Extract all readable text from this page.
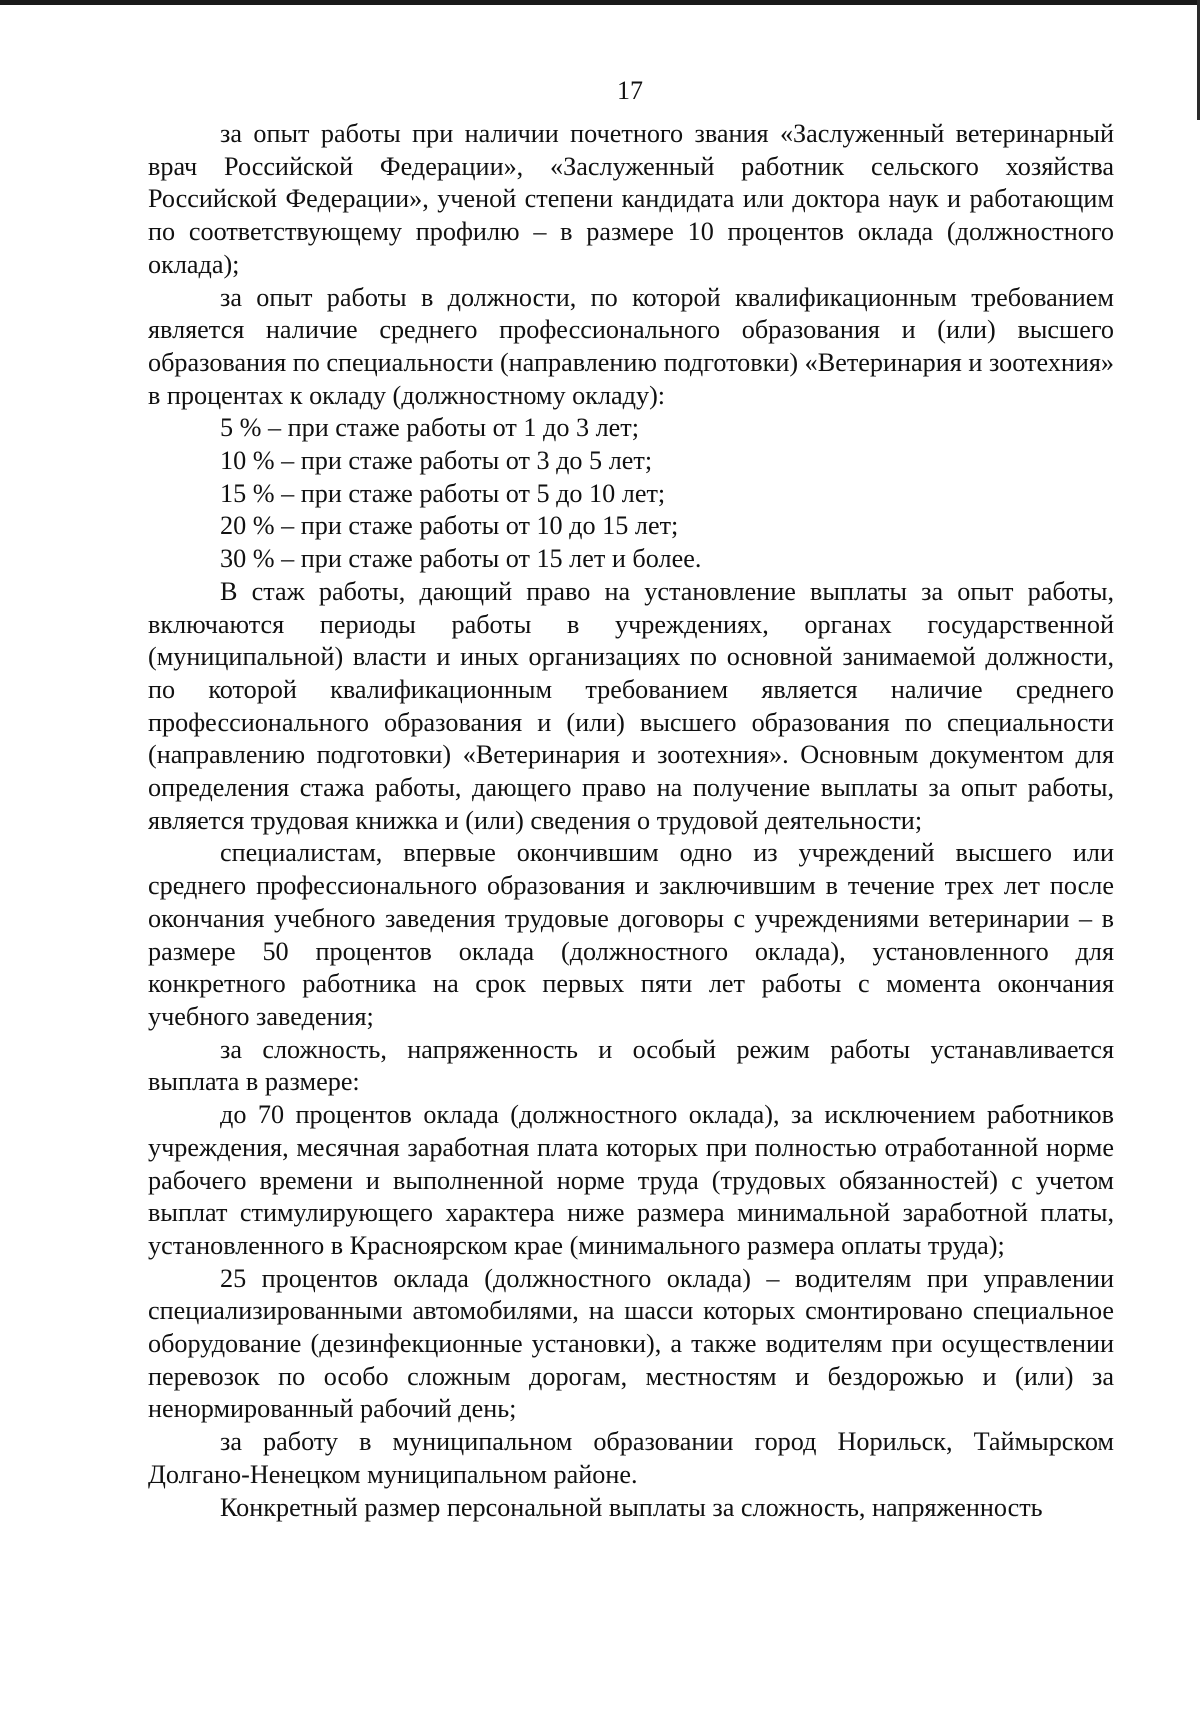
17

за опыт работы при наличии почетного звания «Заслуженный ветеринарный врач Российской Федерации», «Заслуженный работник сельского хозяйства Российской Федерации», ученой степени кандидата или доктора наук и работающим по соответствующему профилю – в размере 10 процентов оклада (должностного оклада);

за опыт работы в должности, по которой квалификационным требованием является наличие среднего профессионального образования и (или) высшего образования по специальности (направлению подготовки) «Ветеринария и зоотехния» в процентах к окладу (должностному окладу):

5 % – при стаже работы от 1 до 3 лет;

10 % – при стаже работы от 3 до 5 лет;

15 % – при стаже работы от 5 до 10 лет;

20 % – при стаже работы от 10 до 15 лет;

30 % – при стаже работы от 15 лет и более.

В стаж работы, дающий право на установление выплаты за опыт работы, включаются периоды работы в учреждениях, органах государственной (муниципальной) власти и иных организациях по основной занимаемой должности, по которой квалификационным требованием является наличие среднего профессионального образования и (или) высшего образования по специальности (направлению подготовки) «Ветеринария и зоотехния». Основным документом для определения стажа работы, дающего право на получение выплаты за опыт работы, является трудовая книжка и (или) сведения о трудовой деятельности;

специалистам, впервые окончившим одно из учреждений высшего или среднего профессионального образования и заключившим в течение трех лет после окончания учебного заведения трудовые договоры с учреждениями ветеринарии – в размере 50 процентов оклада (должностного оклада), установленного для конкретного работника на срок первых пяти лет работы с момента окончания учебного заведения;

за сложность, напряженность и особый режим работы устанавливается выплата в размере:

до 70 процентов оклада (должностного оклада), за исключением работников учреждения, месячная заработная плата которых при полностью отработанной норме рабочего времени и выполненной норме труда (трудовых обязанностей) с учетом выплат стимулирующего характера ниже размера минимальной заработной платы, установленного в Красноярском крае (минимального размера оплаты труда);

25 процентов оклада (должностного оклада) – водителям при управлении специализированными автомобилями, на шасси которых смонтировано специальное оборудование (дезинфекционные установки), а также водителям при осуществлении перевозок по особо сложным дорогам, местностям и бездорожью и (или) за ненормированный рабочий день;

за работу в муниципальном образовании город Норильск, Таймырском Долгано-Ненецком муниципальном районе.

Конкретный размер персональной выплаты за сложность, напряженность
